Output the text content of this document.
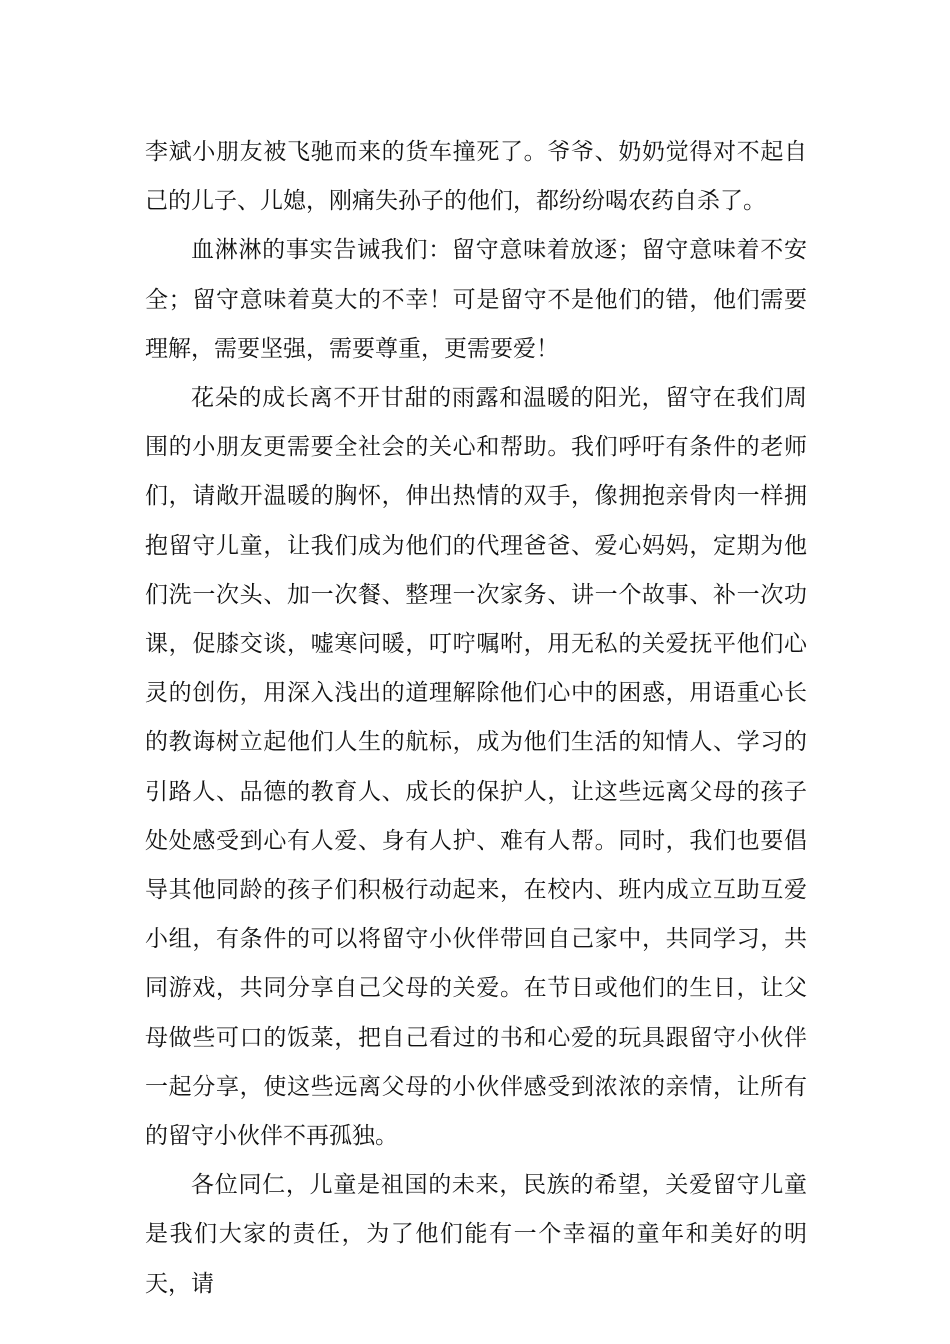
李斌小朋友被飞驰而来的货车撞死了。爷爷、奶奶觉得对不起自己的儿子、儿媳，刚痛失孙子的他们，都纷纷喝农药自杀了。

血淋淋的事实告诫我们：留守意味着放逐；留守意味着不安全；留守意味着莫大的不幸！可是留守不是他们的错，他们需要理解，需要坚强，需要尊重，更需要爱！

花朵的成长离不开甘甜的雨露和温暖的阳光，留守在我们周围的小朋友更需要全社会的关心和帮助。我们呼吁有条件的老师们，请敞开温暖的胸怀，伸出热情的双手，像拥抱亲骨肉一样拥抱留守儿童，让我们成为他们的代理爸爸、爱心妈妈，定期为他们洗一次头、加一次餐、整理一次家务、讲一个故事、补一次功课，促膝交谈，嘘寒问暖，叮咛嘱咐，用无私的关爱抚平他们心灵的创伤，用深入浅出的道理解除他们心中的困惑，用语重心长的教诲树立起他们人生的航标，成为他们生活的知情人、学习的引路人、品德的教育人、成长的保护人，让这些远离父母的孩子处处感受到心有人爱、身有人护、难有人帮。同时，我们也要倡导其他同龄的孩子们积极行动起来，在校内、班内成立互助互爱小组，有条件的可以将留守小伙伴带回自己家中，共同学习，共同游戏，共同分享自己父母的关爱。在节日或他们的生日，让父母做些可口的饭菜，把自己看过的书和心爱的玩具跟留守小伙伴一起分享，使这些远离父母的小伙伴感受到浓浓的亲情，让所有的留守小伙伴不再孤独。

各位同仁，儿童是祖国的未来，民族的希望，关爱留守儿童是我们大家的责任，为了他们能有一个幸福的童年和美好的明天，请
